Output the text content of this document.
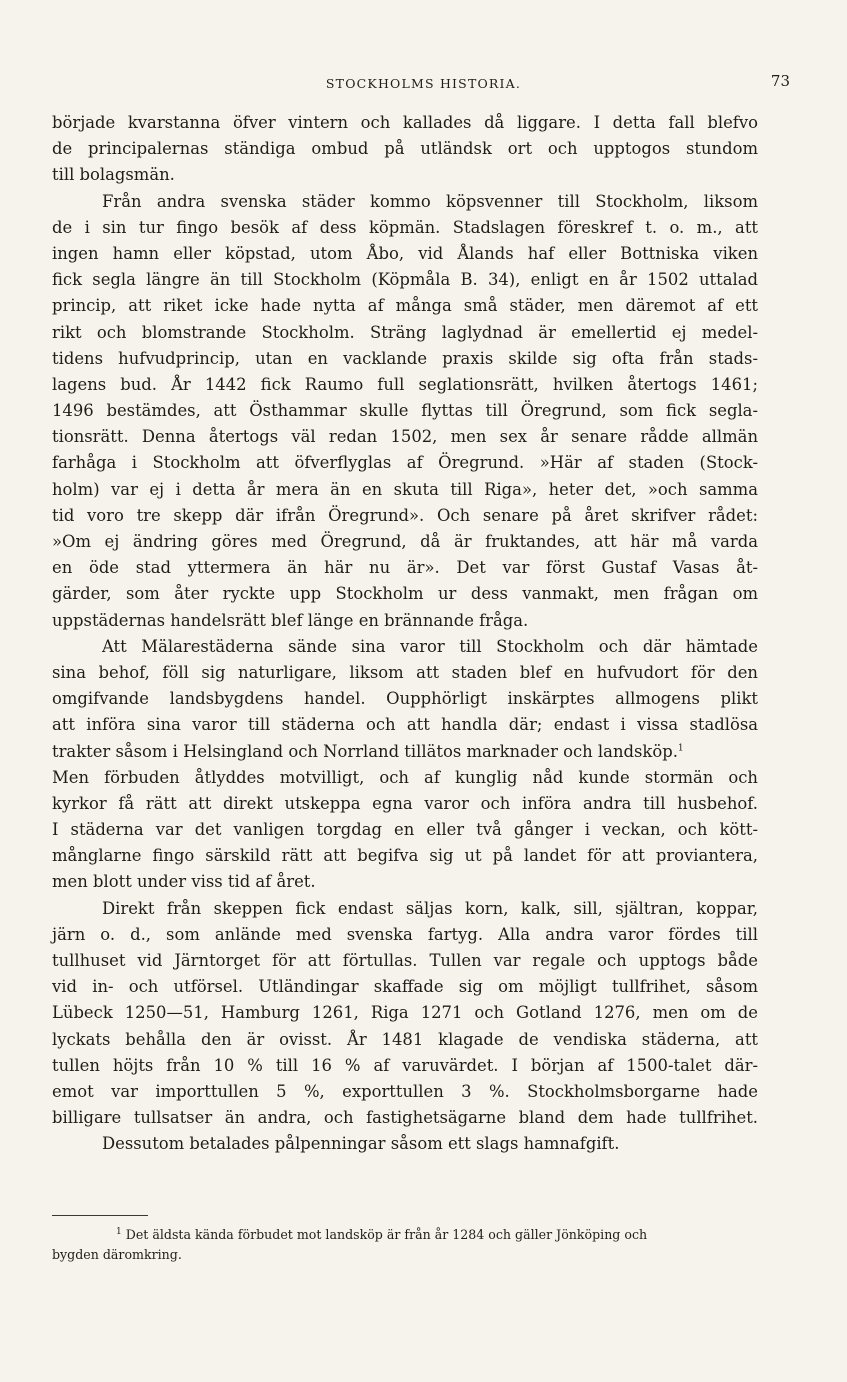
STOCKHOLMS HISTORIA.	73
började kvarstanna öfver vintern och kallades då liggare. I detta fall blefvo
de principalernas ständiga ombud på utländsk ort och upptogos stundom
till bolagsmän.
Från andra svenska städer kommo köpsvenner till Stockholm, liksom
de i sin tur fingo besök af dess köpmän. Stadslagen föreskref t. o. m., att
ingen hamn eller köpstad, utom Åbo, vid Ålands haf eller Bottniska viken
fick segla längre än till Stockholm (Köpmåla B. 34), enligt en år 1502 uttalad
princip, att riket icke hade nytta af många små städer, men däremot af ett
rikt och blomstrande Stockholm. Sträng laglydnad är emellertid ej medel-
tidens hufvudprincip, utan en vacklande praxis skilde sig ofta från stads-
lagens bud. År 1442 fick Raumo full seglationsrätt, hvilken återtogs 1461;
1496 bestämdes, att Östhammar skulle flyttas till Öregrund, som fick segla-
tionsrätt. Denna återtogs väl redan 1502, men sex år senare rådde allmän
farhåga i Stockholm att öfverflyglas af Öregrund. »Här af staden (Stock-
holm) var ej i detta år mera än en skuta till Riga», heter det, »och samma
tid voro tre skepp där ifrån Öregrund». Och senare på året skrifver rådet:
»Om ej ändring göres med Öregrund, då är fruktandes, att här må varda
en öde stad yttermera än här nu är». Det var först Gustaf Vasas åt-
gärder, som åter ryckte upp Stockholm ur dess vanmakt, men frågan om
uppstädernas handelsrätt blef länge en brännande fråga.
Att Mälarestäderna sände sina varor till Stockholm och där hämtade
sina behof, föll sig naturligare, liksom att staden blef en hufvudort för den
omgifvande landsbygdens handel. Oupphörligt inskärptes allmogens plikt
att införa sina varor till städerna och att handla där; endast i vissa stadlösa
trakter såsom i Helsingland och Norrland tillätos marknader och landsköp.$^1$
Men förbuden åtlyddes motvilligt, och af kunglig nåd kunde stormän och
kyrkor få rätt att direkt utskeppa egna varor och införa andra till husbehof.
I städerna var det vanligen torgdag en eller två gånger i veckan, och kött-
månglarne fingo särskild rätt att begifva sig ut på landet för att proviantera,
men blott under viss tid af året.
Direkt från skeppen fick endast säljas korn, kalk, sill, själtran, koppar,
järn o. d., som anlände med svenska fartyg. Alla andra varor fördes till
tullhuset vid Järntorget för att förtullas. Tullen var regale och upptogs både
vid in- och utförsel. Utländingar skaffade sig om möjligt tullfrihet, såsom
Lübeck 1250—51, Hamburg 1261, Riga 1271 och Gotland 1276, men om de
lyckats behålla den är ovisst. År 1481 klagade de vendiska städerna, att
tullen höjts från 10 % till 16 % af varuvärdet. I början af 1500-talet där-
emot var importtullen 5 %, exporttullen 3 %. Stockholmsborgarne hade
billigare tullsatser än andra, och fastighetsägarne bland dem hade tullfrihet.
Dessutom betalades pålpenningar såsom ett slags hamnafgift.
$^1$ Det äldsta kända förbudet mot landsköp är från år 1284 och gäller Jönköping och
bygden däromkring.
